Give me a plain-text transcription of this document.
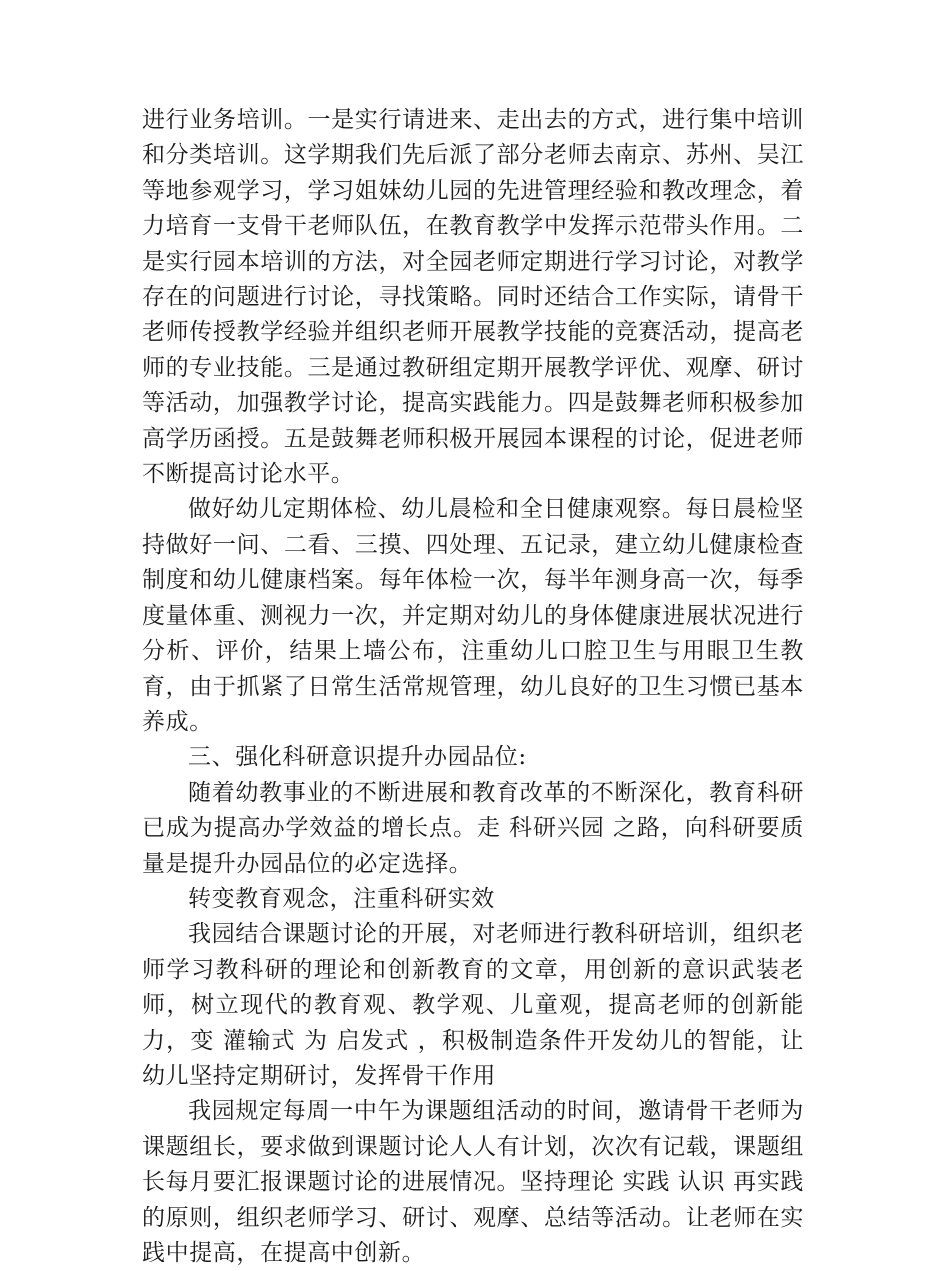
进行业务培训。一是实行请进来、走出去的方式，进行集中培训和分类培训。这学期我们先后派了部分老师去南京、苏州、吴江等地参观学习，学习姐妹幼儿园的先进管理经验和教改理念，着力培育一支骨干老师队伍，在教育教学中发挥示范带头作用。二是实行园本培训的方法，对全园老师定期进行学习讨论，对教学存在的问题进行讨论，寻找策略。同时还结合工作实际，请骨干老师传授教学经验并组织老师开展教学技能的竞赛活动，提高老师的专业技能。三是通过教研组定期开展教学评优、观摩、研讨等活动，加强教学讨论，提高实践能力。四是鼓舞老师积极参加高学历函授。五是鼓舞老师积极开展园本课程的讨论，促进老师不断提高讨论水平。

做好幼儿定期体检、幼儿晨检和全日健康观察。每日晨检坚持做好一问、二看、三摸、四处理、五记录，建立幼儿健康检查制度和幼儿健康档案。每年体检一次，每半年测身高一次，每季度量体重、测视力一次，并定期对幼儿的身体健康进展状况进行分析、评价，结果上墙公布，注重幼儿口腔卫生与用眼卫生教育，由于抓紧了日常生活常规管理，幼儿良好的卫生习惯已基本养成。

三、强化科研意识提升办园品位:

随着幼教事业的不断进展和教育改革的不断深化，教育科研已成为提高办学效益的增长点。走 科研兴园 之路，向科研要质量是提升办园品位的必定选择。

转变教育观念，注重科研实效

我园结合课题讨论的开展，对老师进行教科研培训，组织老师学习教科研的理论和创新教育的文章，用创新的意识武装老师，树立现代的教育观、教学观、儿童观，提高老师的创新能力，变 灌输式 为 启发式 ，积极制造条件开发幼儿的智能，让幼儿坚持定期研讨，发挥骨干作用

我园规定每周一中午为课题组活动的时间，邀请骨干老师为课题组长，要求做到课题讨论人人有计划，次次有记载，课题组长每月要汇报课题讨论的进展情况。坚持理论 实践 认识 再实践的原则，组织老师学习、研讨、观摩、总结等活动。让老师在实践中提高，在提高中创新。
